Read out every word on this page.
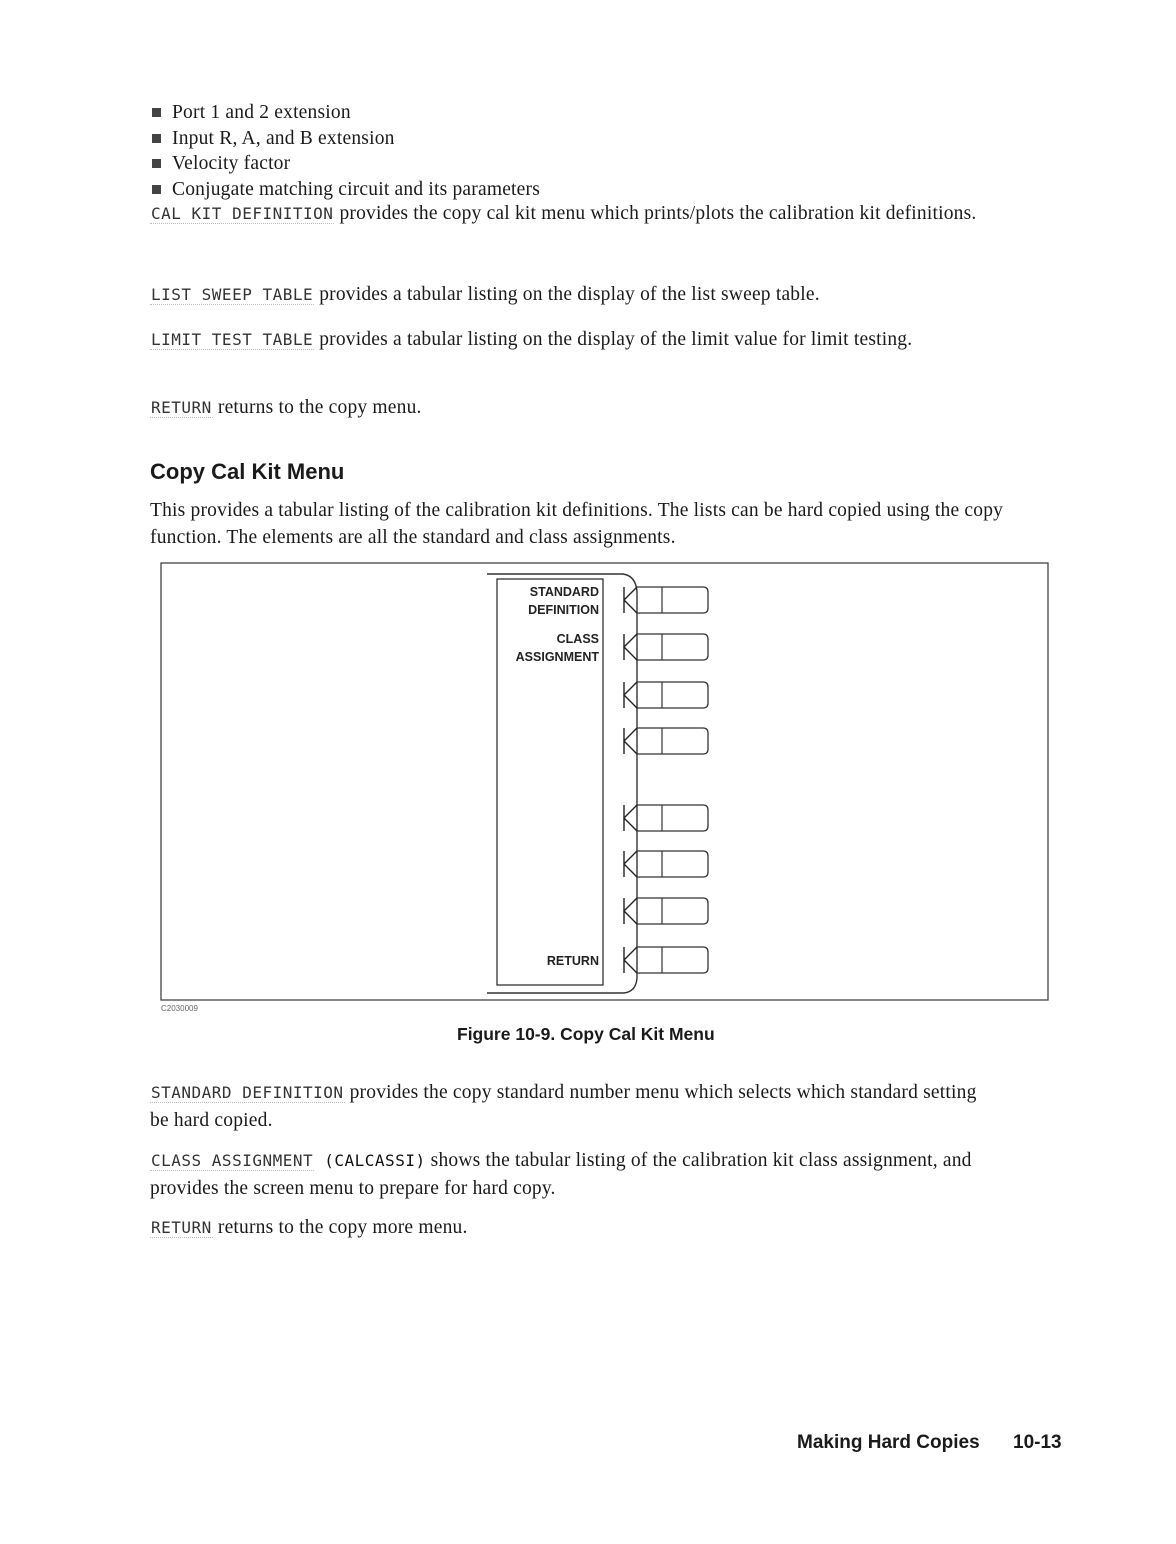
Port 1 and 2 extension
Input R, A, and B extension
Velocity factor
Conjugate matching circuit and its parameters

CAL KIT DEFINITION provides the copy cal kit menu which prints/plots the calibration kit definitions.

LIST SWEEP TABLE provides a tabular listing on the display of the list sweep table.

LIMIT TEST TABLE provides a tabular listing on the display of the limit value for limit testing.

RETURN returns to the copy menu.

Copy Cal Kit Menu

This provides a tabular listing of the calibration kit definitions. The lists can be hard copied using the copy function. The elements are all the standard and class assignments.

STANDARD
DEFINITION
CLASS
ASSIGNMENT
RETURN
C2030009
Figure 10-9. Copy Cal Kit Menu

STANDARD DEFINITION provides the copy standard number menu which selects which standard setting be hard copied.

CLASS ASSIGNMENT (CALCASSI) shows the tabular listing of the calibration kit class assignment, and provides the screen menu to prepare for hard copy.

RETURN returns to the copy more menu.

Making Hard Copies 10-13
